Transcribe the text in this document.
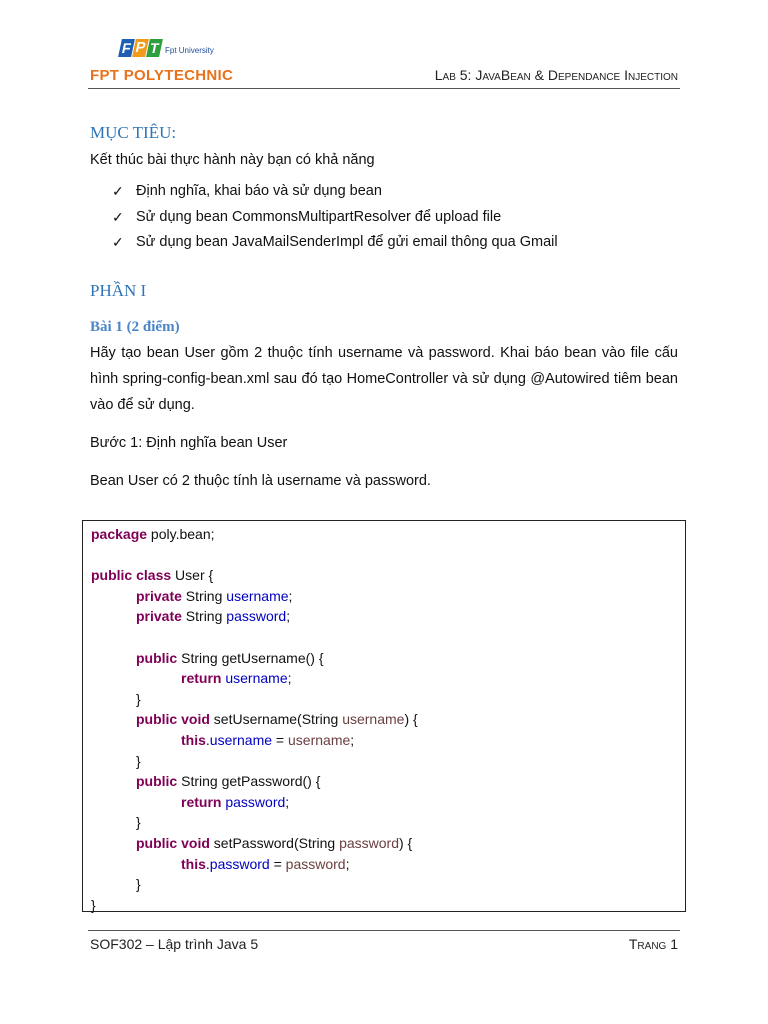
F P T Fpt University
FPT POLYTECHNIC	Lab 5: JavaBean & Dependance Injection
MỤC TIÊU:

Kết thúc bài thực hành này bạn có khả năng

✓ Định nghĩa, khai báo và sử dụng bean
✓ Sử dụng bean CommonsMultipartResolver để upload file
✓ Sử dụng bean JavaMailSenderImpl để gửi email thông qua Gmail
PHẦN I
Bài 1 (2 điểm)

Hãy tạo bean User gồm 2 thuộc tính username và password. Khai báo bean vào file cấu hình spring-config-bean.xml sau đó tạo HomeController và sử dụng @Autowired tiêm bean vào để sử dụng.

Bước 1: Định nghĩa bean User

Bean User có 2 thuộc tính là username và password.

package poly.bean;

public class User {
private String username;
private String password;

public String getUsername() {
return username;
}
public void setUsername(String username) {
this.username = username;
}
public String getPassword() {
return password;
}
public void setPassword(String password) {
this.password = password;
}
}
SOF302 – Lập trình Java 5	Trang 1
